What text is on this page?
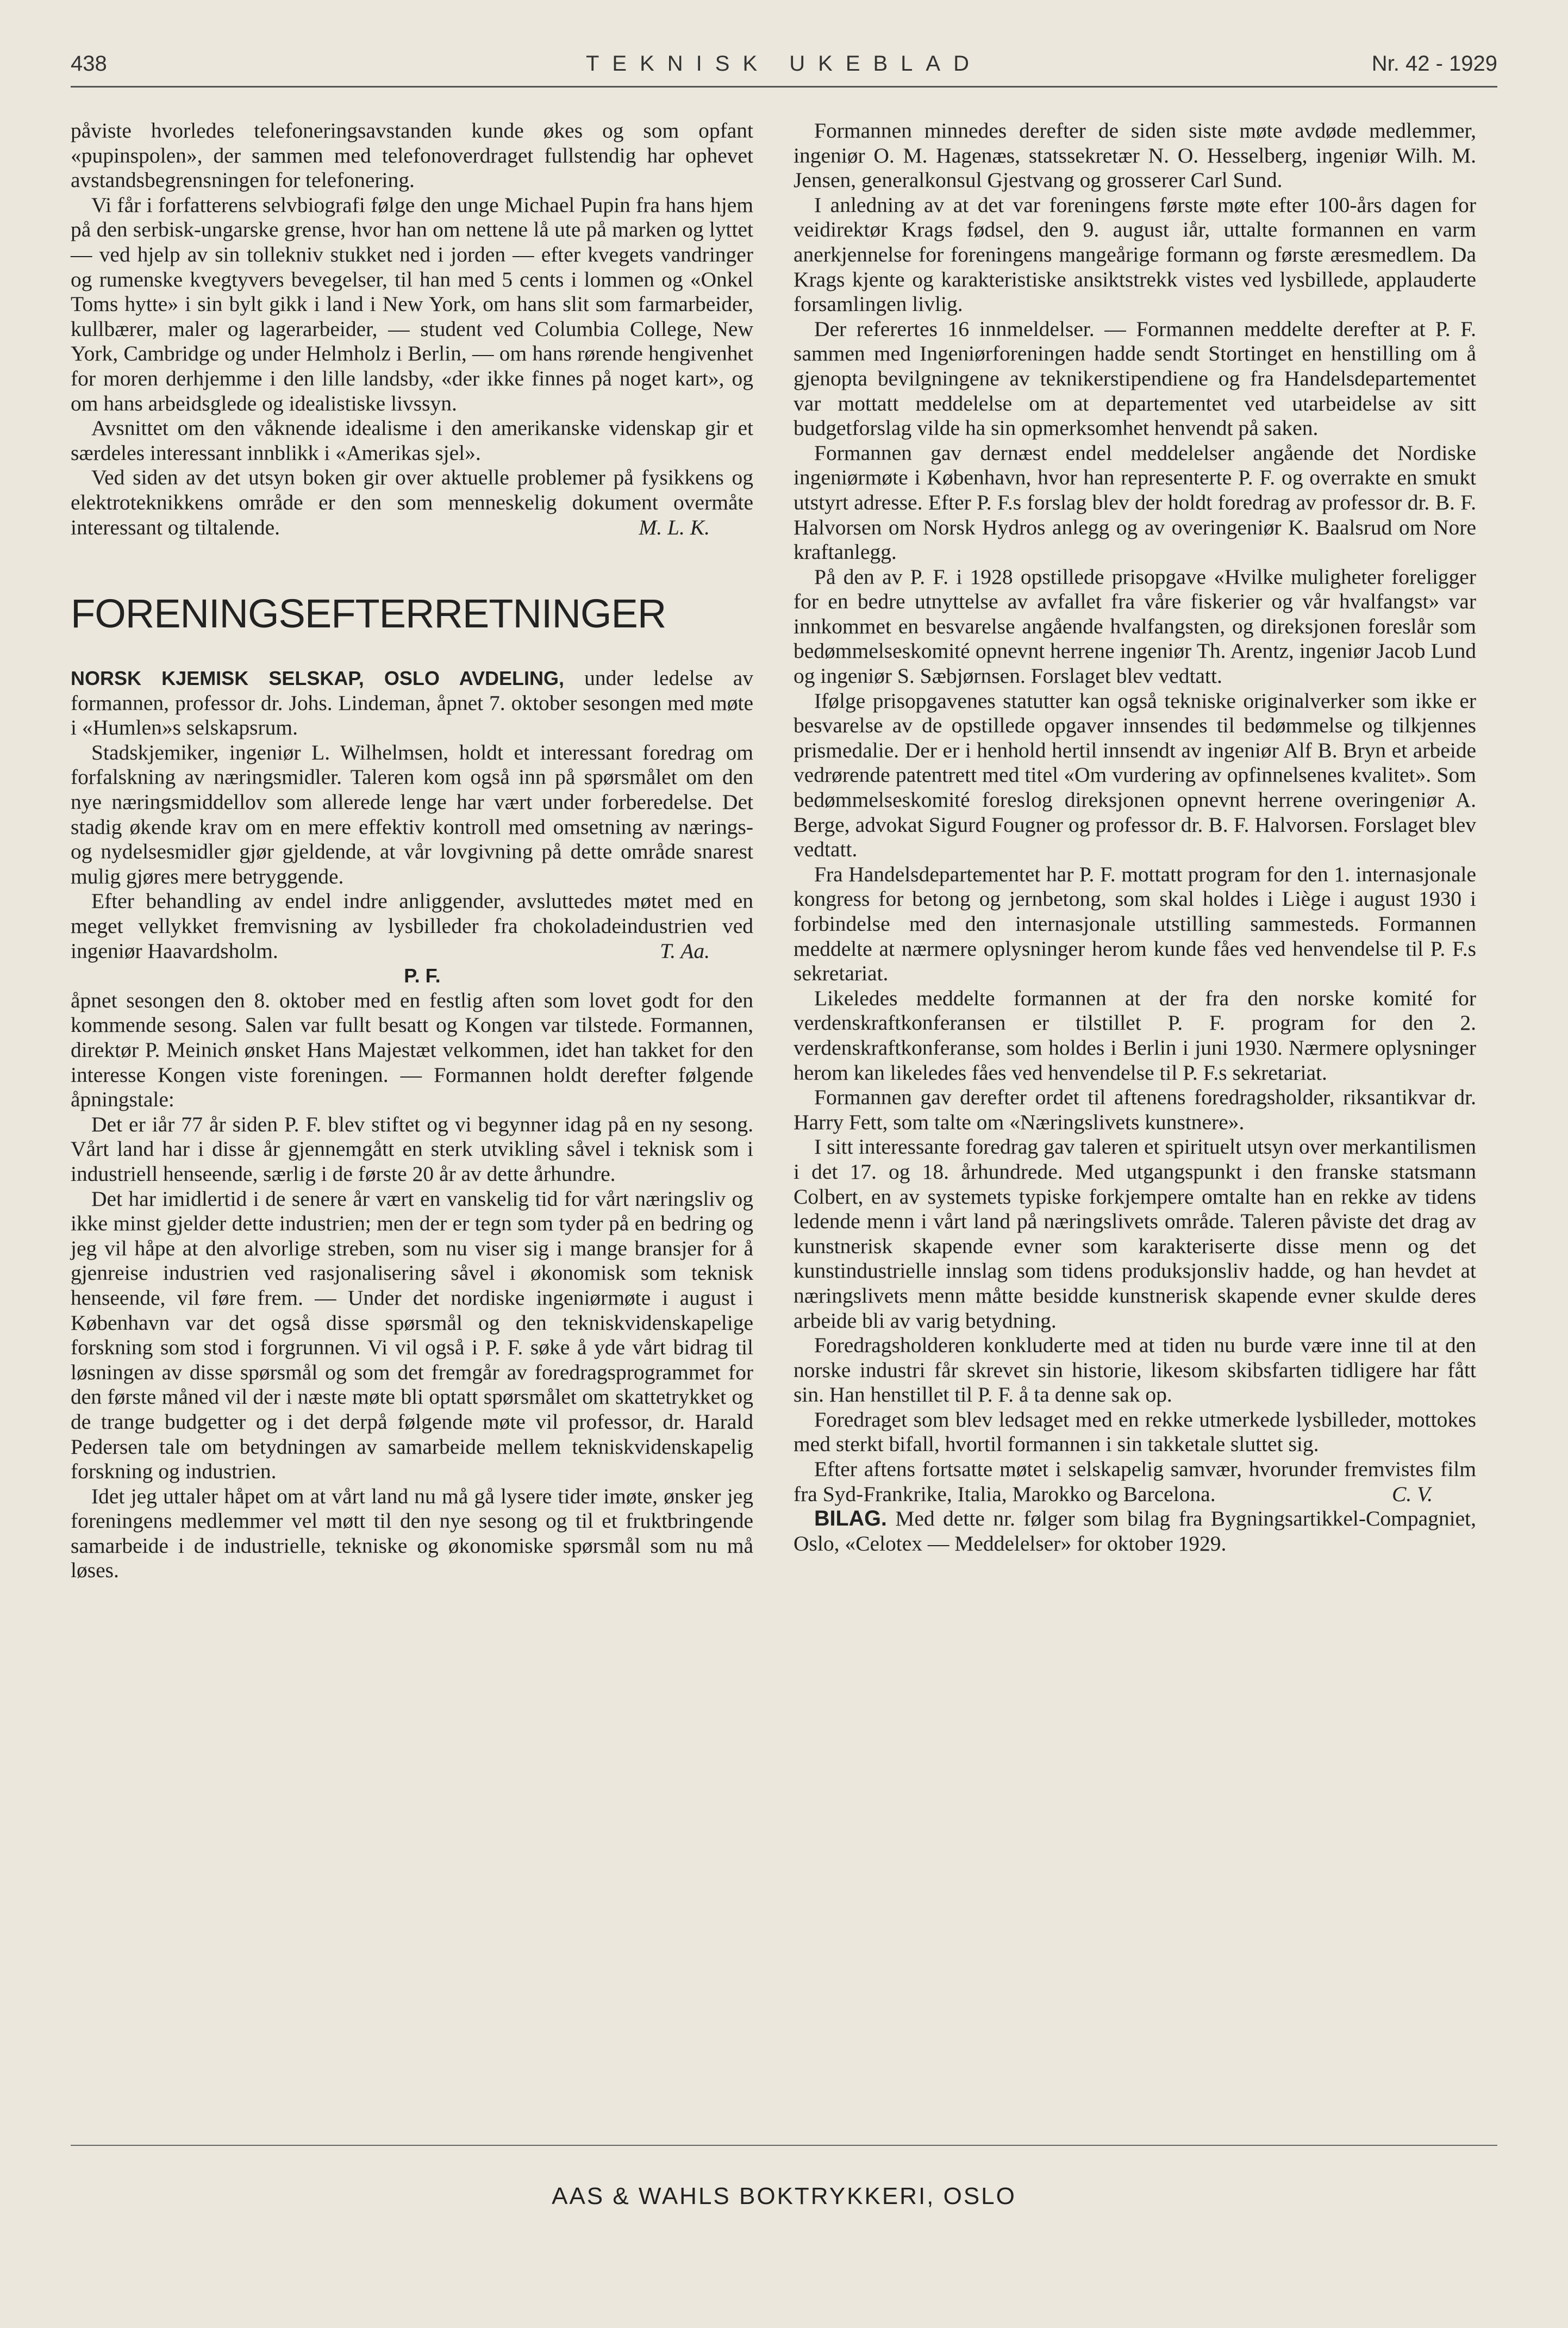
438	TEKNISK UKEBLAD	Nr. 42 - 1929

påviste hvorledes telefoneringsavstanden kunde økes og som opfant «pupinspolen», der sammen med telefonoverdraget fullstendig har ophevet avstandsbegrensningen for telefonering.

Vi får i forfatterens selvbiografi følge den unge Michael Pupin fra hans hjem på den serbisk-ungarske grense, hvor han om nettene lå ute på marken og lyttet — ved hjelp av sin tollekniv stukket ned i jorden — efter kvegets vandringer og rumenske kvegtyvers bevegelser, til han med 5 cents i lommen og «Onkel Toms hytte» i sin bylt gikk i land i New York, om hans slit som farmarbeider, kullbærer, maler og lagerarbeider, — student ved Columbia College, New York, Cambridge og under Helmholz i Berlin, — om hans rørende hengivenhet for moren derhjemme i den lille landsby, «der ikke finnes på noget kart», og om hans arbeidsglede og idealistiske livssyn.

Avsnittet om den våknende idealisme i den amerikanske videnskap gir et særdeles interessant innblikk i «Amerikas sjel».

Ved siden av det utsyn boken gir over aktuelle problemer på fysikkens og elektroteknikkens område er den som menneskelig dokument overmåte interessant og tiltalende.	M. L. K.

FORENINGSEFTERRETNINGER

NORSK KJEMISK SELSKAP, OSLO AVDELING, under ledelse av formannen, professor dr. Johs. Lindeman, åpnet 7. oktober sesongen med møte i «Humlen»s selskapsrum.

Stadskjemiker, ingeniør L. Wilhelmsen, holdt et interessant foredrag om forfalskning av næringsmidler. Taleren kom også inn på spørsmålet om den nye næringsmiddellov som allerede lenge har vært under forberedelse. Det stadig økende krav om en mere effektiv kontroll med omsetning av nærings- og nydelsesmidler gjør gjeldende, at vår lovgivning på dette område snarest mulig gjøres mere betryggende.

Efter behandling av endel indre anliggender, avsluttedes møtet med en meget vellykket fremvisning av lysbilleder fra chokoladeindustrien ved ingeniør Haavardsholm.	T. Aa.

P. F.

åpnet sesongen den 8. oktober med en festlig aften som lovet godt for den kommende sesong. Salen var fullt besatt og Kongen var tilstede. Formannen, direktør P. Meinich ønsket Hans Majestæt velkommen, idet han takket for den interesse Kongen viste foreningen. — Formannen holdt derefter følgende åpningstale:

Det er iår 77 år siden P. F. blev stiftet og vi begynner idag på en ny sesong. Vårt land har i disse år gjennemgått en sterk utvikling såvel i teknisk som i industriell henseende, særlig i de første 20 år av dette århundre.

Det har imidlertid i de senere år vært en vanskelig tid for vårt næringsliv og ikke minst gjelder dette industrien; men der er tegn som tyder på en bedring og jeg vil håpe at den alvorlige streben, som nu viser sig i mange bransjer for å gjenreise industrien ved rasjonalisering såvel i økonomisk som teknisk henseende, vil føre frem. — Under det nordiske ingeniørmøte i august i København var det også disse spørsmål og den tekniskvidenskapelige forskning som stod i forgrunnen. Vi vil også i P. F. søke å yde vårt bidrag til løsningen av disse spørsmål og som det fremgår av foredragsprogrammet for den første måned vil der i næste møte bli optatt spørsmålet om skattetrykket og de trange budgetter og i det derpå følgende møte vil professor, dr. Harald Pedersen tale om betydningen av samarbeide mellem tekniskvidenskapelig forskning og industrien.

Idet jeg uttaler håpet om at vårt land nu må gå lysere tider imøte, ønsker jeg foreningens medlemmer vel møtt til den nye sesong og til et fruktbringende samarbeide i de industrielle, tekniske og økonomiske spørsmål som nu må løses.

Formannen minnedes derefter de siden siste møte avdøde medlemmer, ingeniør O. M. Hagenæs, statssekretær N. O. Hesselberg, ingeniør Wilh. M. Jensen, generalkonsul Gjestvang og grosserer Carl Sund.

I anledning av at det var foreningens første møte efter 100-års dagen for veidirektør Krags fødsel, den 9. august iår, uttalte formannen en varm anerkjennelse for foreningens mangeårige formann og første æresmedlem. Da Krags kjente og karakteristiske ansiktstrekk vistes ved lysbillede, applauderte forsamlingen livlig.

Der referertes 16 innmeldelser. — Formannen meddelte derefter at P. F. sammen med Ingeniørforeningen hadde sendt Stortinget en henstilling om å gjenopta bevilgningene av teknikerstipendiene og fra Handelsdepartementet var mottatt meddelelse om at departementet ved utarbeidelse av sitt budgetforslag vilde ha sin opmerksomhet henvendt på saken.

Formannen gav dernæst endel meddelelser angående det Nordiske ingeniørmøte i København, hvor han representerte P. F. og overrakte en smukt utstyrt adresse. Efter P. F.s forslag blev der holdt foredrag av professor dr. B. F. Halvorsen om Norsk Hydros anlegg og av overingeniør K. Baalsrud om Nore kraftanlegg.

På den av P. F. i 1928 opstillede prisopgave «Hvilke muligheter foreligger for en bedre utnyttelse av avfallet fra våre fiskerier og vår hvalfangst» var innkommet en besvarelse angående hvalfangsten, og direksjonen foreslår som bedømmelseskomité opnevnt herrene ingeniør Th. Arentz, ingeniør Jacob Lund og ingeniør S. Sæbjørnsen. Forslaget blev vedtatt.

Ifølge prisopgavenes statutter kan også tekniske originalverker som ikke er besvarelse av de opstillede opgaver innsendes til bedømmelse og tilkjennes prismedalie. Der er i henhold hertil innsendt av ingeniør Alf B. Bryn et arbeide vedrørende patentrett med titel «Om vurdering av opfinnelsenes kvalitet». Som bedømmelseskomité foreslog direksjonen opnevnt herrene overingeniør A. Berge, advokat Sigurd Fougner og professor dr. B. F. Halvorsen. Forslaget blev vedtatt.

Fra Handelsdepartementet har P. F. mottatt program for den 1. internasjonale kongress for betong og jernbetong, som skal holdes i Liège i august 1930 i forbindelse med den internasjonale utstilling sammesteds. Formannen meddelte at nærmere oplysninger herom kunde fåes ved henvendelse til P. F.s sekretariat.

Likeledes meddelte formannen at der fra den norske komité for verdenskraftkonferansen er tilstillet P. F. program for den 2. verdenskraftkonferanse, som holdes i Berlin i juni 1930. Nærmere oplysninger herom kan likeledes fåes ved henvendelse til P. F.s sekretariat.

Formannen gav derefter ordet til aftenens foredragsholder, riksantikvar dr. Harry Fett, som talte om «Næringslivets kunstnere».

I sitt interessante foredrag gav taleren et spirituelt utsyn over merkantilismen i det 17. og 18. århundrede. Med utgangspunkt i den franske statsmann Colbert, en av systemets typiske forkjempere omtalte han en rekke av tidens ledende menn i vårt land på næringslivets område. Taleren påviste det drag av kunstnerisk skapende evner som karakteriserte disse menn og det kunstindustrielle innslag som tidens produksjonsliv hadde, og han hevdet at næringslivets menn måtte besidde kunstnerisk skapende evner skulde deres arbeide bli av varig betydning.

Foredragsholderen konkluderte med at tiden nu burde være inne til at den norske industri får skrevet sin historie, likesom skibsfarten tidligere har fått sin. Han henstillet til P. F. å ta denne sak op.

Foredraget som blev ledsaget med en rekke utmerkede lysbilleder, mottokes med sterkt bifall, hvortil formannen i sin takketale sluttet sig.

Efter aftens fortsatte møtet i selskapelig samvær, hvorunder fremvistes film fra Syd-Frankrike, Italia, Marokko og Barcelona.	C. V.

BILAG. Med dette nr. følger som bilag fra Bygningsartikkel-Compagniet, Oslo, «Celotex — Meddelelser» for oktober 1929.

AAS & WAHLS BOKTRYKKERI, OSLO
